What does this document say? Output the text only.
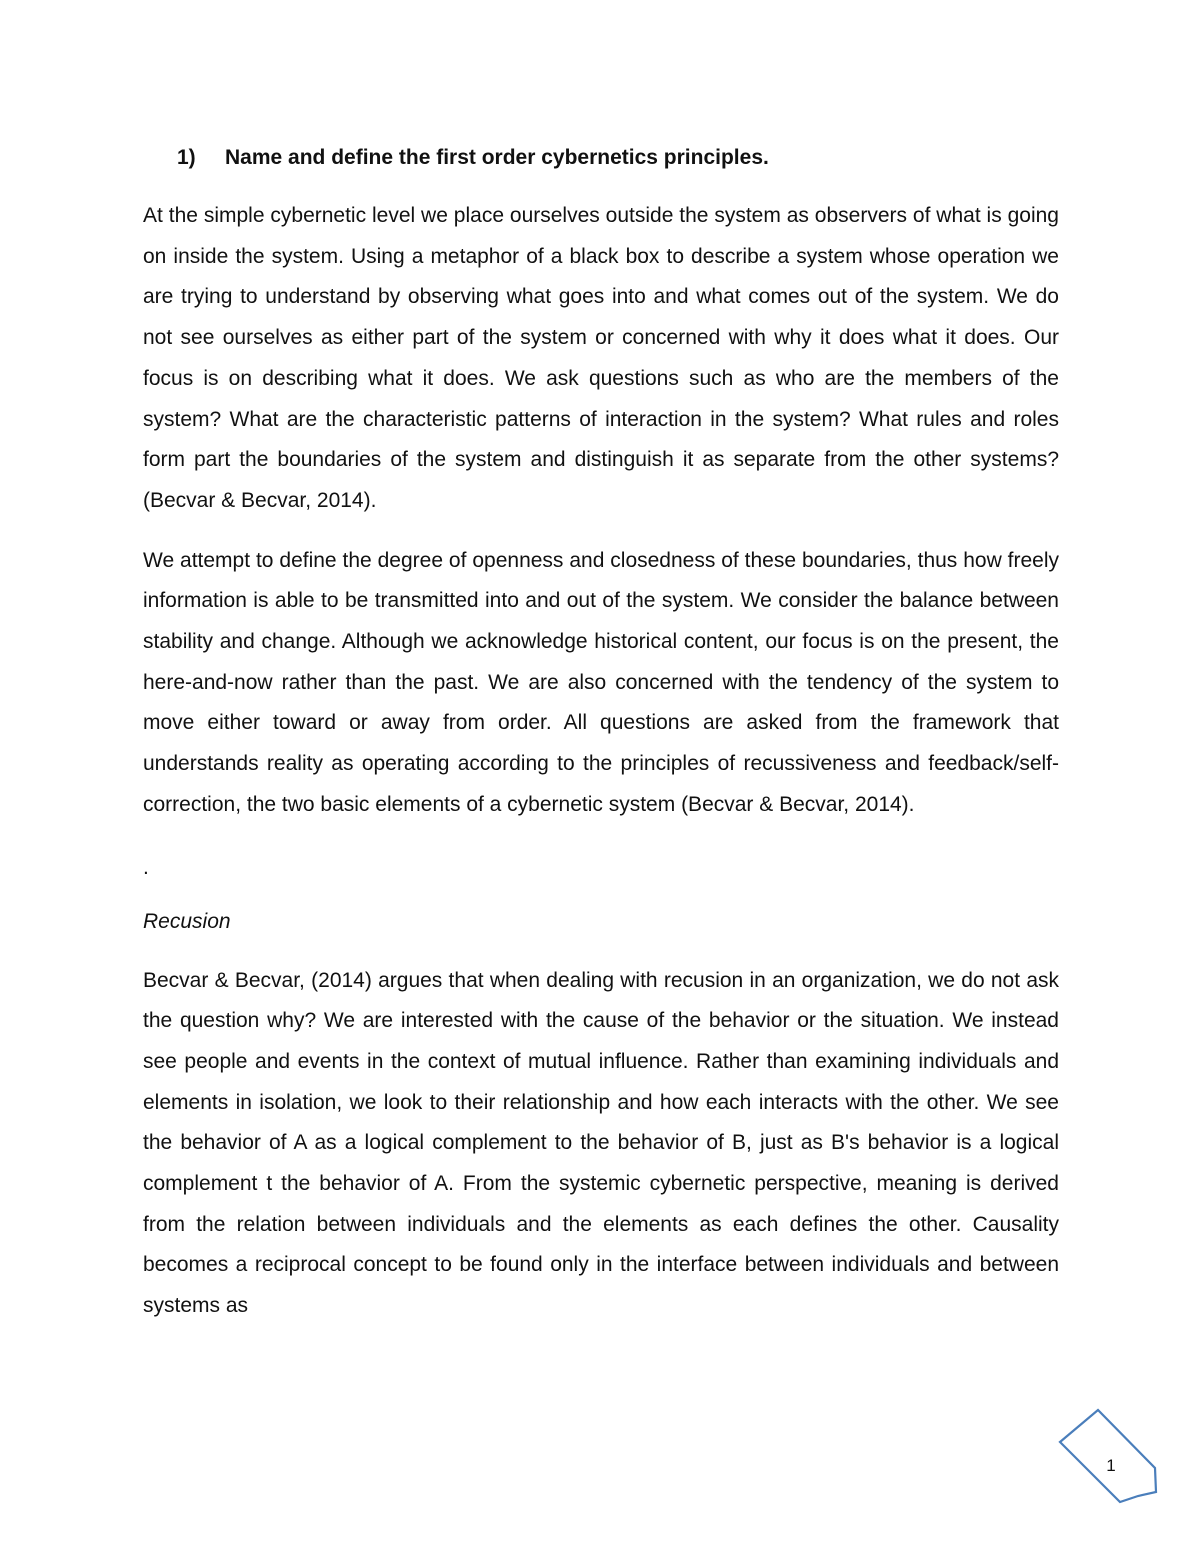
1)	Name and define the first order cybernetics principles.

At the simple cybernetic level we place ourselves outside the system as observers of what is going on inside the system. Using a metaphor of a black box to describe a system whose operation we are trying to understand by observing what goes into and what comes out of the system. We do not see ourselves as either part of the system or concerned with why it does what it does. Our focus is on describing what it does. We ask questions such as who are the members of the system? What are the characteristic patterns of interaction in the system? What rules and roles form part the boundaries of the system and distinguish it as separate from the other systems? (Becvar & Becvar, 2014).

We attempt to define the degree of openness and closedness of these boundaries, thus how freely information is able to be transmitted into and out of the system. We consider the balance between stability and change. Although we acknowledge historical content, our focus is on the present, the here-and-now rather than the past. We are also concerned with the tendency of the system to move either toward or away from order. All questions are asked from the framework that understands reality as operating according to the principles of recussiveness and feedback/self-correction, the two basic elements of a cybernetic system (Becvar & Becvar, 2014).

.
Recusion

Becvar & Becvar, (2014) argues that when dealing with recusion in an organization, we do not ask the question why? We are interested with the cause of the behavior or the situation. We instead see people and events in the context of mutual influence. Rather than examining individuals and elements in isolation, we look to their relationship and how each interacts with the other. We see the behavior of A as a logical complement to the behavior of B, just as B's behavior is a logical complement t the behavior of A. From the systemic cybernetic perspective, meaning is derived from the relation between individuals and the elements as each defines the other. Causality becomes a reciprocal concept to be found only in the interface between individuals and between systems as

1
